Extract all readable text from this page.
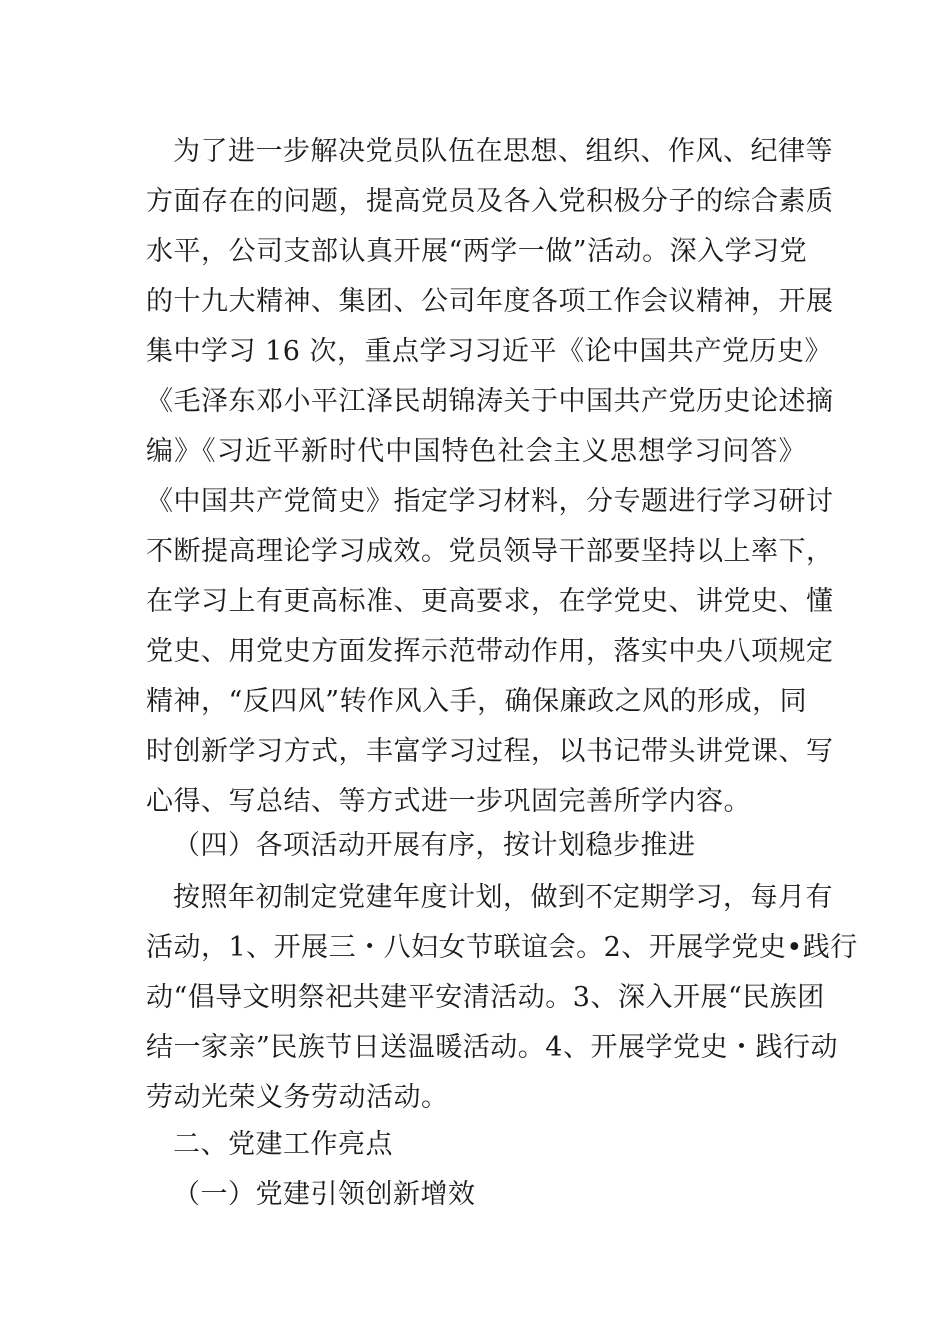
为了进一步解决党员队伍在思想、组织、作风、纪律等
方面存在的问题，提高党员及各入党积极分子的综合素质
水平，公司支部认真开展“两学一做”活动。深入学习党
的十九大精神、集团、公司年度各项工作会议精神，开展
集中学习 16 次，重点学习习近平《论中国共产党历史》
《毛泽东邓小平江泽民胡锦涛关于中国共产党历史论述摘
编》《习近平新时代中国特色社会主义思想学习问答》
《中国共产党简史》指定学习材料，分专题进行学习研讨
不断提高理论学习成效。党员领导干部要坚持以上率下，
在学习上有更高标准、更高要求，在学党史、讲党史、懂
党史、用党史方面发挥示范带动作用，落实中央八项规定
精神，“反四风”转作风入手，确保廉政之风的形成，同
时创新学习方式，丰富学习过程，以书记带头讲党课、写
心得、写总结、等方式进一步巩固完善所学内容。
（四）各项活动开展有序，按计划稳步推进
按照年初制定党建年度计划，做到不定期学习，每月有
活动，1、开展三・八妇女节联谊会。2、开展学党史•践行
动“倡导文明祭祀共建平安清活动。3、深入开展“民族团
结一家亲”民族节日送温暖活动。4、开展学党史・践行动
劳动光荣义务劳动活动。
二、党建工作亮点
（一）党建引领创新增效
